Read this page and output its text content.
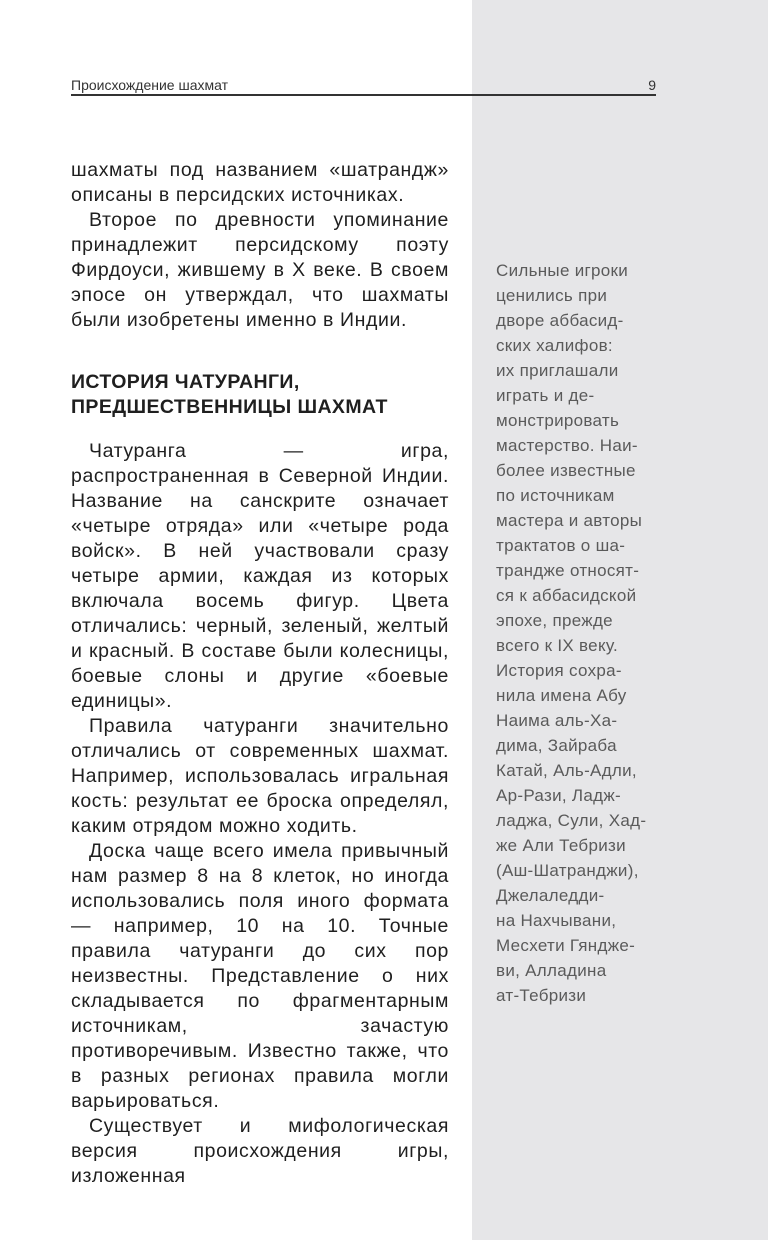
Происхождение шахмат	9

шахматы под названием «шатрандж» описаны в персидских источниках.

Второе по древности упоминание принадлежит персидскому поэту Фирдоуси, жившему в X веке. В своем эпосе он утверждал, что шахматы были изобретены именно в Индии.

ИСТОРИЯ ЧАТУРАНГИ,
ПРЕДШЕСТВЕННИЦЫ ШАХМАТ

Чатуранга — игра, распространенная в Северной Индии. Название на санскрите означает «четыре отряда» или «четыре рода войск». В ней участвовали сразу четыре армии, каждая из которых включала восемь фигур. Цвета отличались: черный, зеленый, желтый и красный. В составе были колесницы, боевые слоны и другие «боевые единицы».

Правила чатуранги значительно отличались от современных шахмат. Например, использовалась игральная кость: результат ее броска определял, каким отрядом можно ходить.

Доска чаще всего имела привычный нам размер 8 на 8 клеток, но иногда использовались поля иного формата — например, 10 на 10. Точные правила чатуранги до сих пор неизвестны. Представление о них складывается по фрагментарным источникам, зачастую противоречивым. Известно также, что в разных регионах правила могли варьироваться.

Существует и мифологическая версия происхождения игры, изложенная

Сильные игроки
ценились при
дворе аббасид-
ских халифов:
их приглашали
играть и де-
монстрировать
мастерство. Наи-
более известные
по источникам
мастера и авторы
трактатов о ша-
трандже относят-
ся к аббасидской
эпохе, прежде
всего к IX веку.
История сохра-
нила имена Абу
Наима аль-Ха-
дима, Зайраба
Катай, Аль-Адли,
Ар-Рази, Ладж-
ладжа, Сули, Хад-
же Али Тебризи
(Аш-Шатранджи),
Джелаледди-
на Нахчывани,
Месхети Гяндже-
ви, Алладина
ат-Тебризи
